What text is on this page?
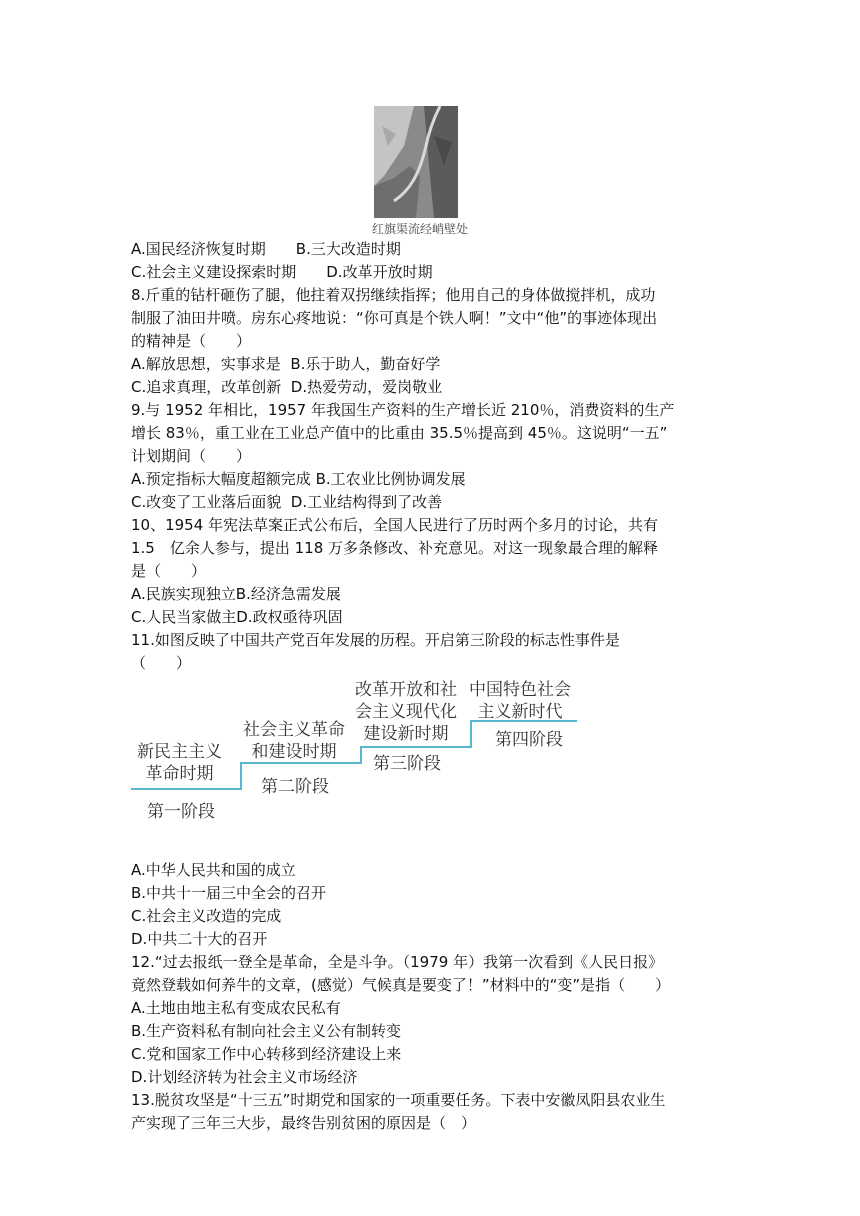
红旗渠流经峭壁处

A.国民经济恢复时期 B.三大改造时期

C.社会主义建设探索时期 D.改革开放时期

8.斤重的钻杆砸伤了腿，他拄着双拐继续指挥；他用自己的身体做搅拌机，成功

制服了油田井喷。房东心疼地说：“你可真是个铁人啊！”文中“他”的事迹体现出

的精神是（　　）

A.解放思想，实事求是 B.乐于助人，勤奋好学

C.追求真理，改革创新 D.热爱劳动，爱岗敬业

9.与 1952 年相比，1957 年我国生产资料的生产增长近 210％，消费资料的生产

增长 83％，重工业在工业总产值中的比重由 35.5％提高到 45％。这说明“一五”

计划期间（　　）

A.预定指标大幅度超额完成 B.工农业比例协调发展

C.改变了工业落后面貌 D.工业结构得到了改善

10、1954 年宪法草案正式公布后，全国人民进行了历时两个多月的讨论，共有

1.5　亿余人参与，提出 118 万多条修改、补充意见。对这一现象最合理的解释

是（　　）

A.民族实现独立B.经济急需发展

C.人民当家做主D.政权亟待巩固

11.如图反映了中国共产党百年发展的历程。开启第三阶段的标志性事件是

（　　）

新民主主义
革命时期
社会主义革命
和建设时期
改革开放和社
会主义现代化
建设新时期
中国特色社会
主义新时代
第一阶段
第二阶段
第三阶段
第四阶段

A.中华人民共和国的成立

B.中共十一届三中全会的召开

C.社会主义改造的完成

D.中共二十大的召开

12.“过去报纸一登全是革命，全是斗争。（1979 年）我第一次看到《人民日报》

竟然登载如何养牛的文章，(感觉）气候真是要变了！”材料中的“变”是指（　　）

A.土地由地主私有变成农民私有

B.生产资料私有制向社会主义公有制转变

C.党和国家工作中心转移到经济建设上来

D.计划经济转为社会主义市场经济

13.脱贫攻坚是“十三五”时期党和国家的一项重要任务。下表中安徽凤阳县农业生

产实现了三年三大步，最终告别贫困的原因是（　）
